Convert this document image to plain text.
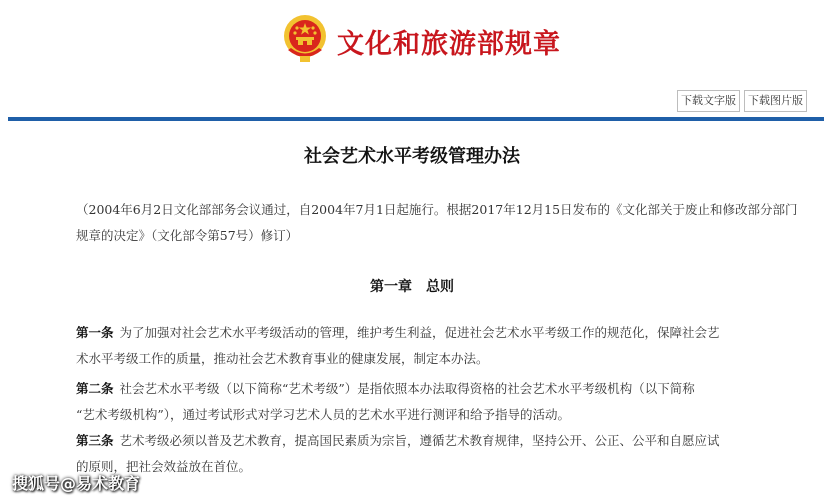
文化和旅游部规章
下载文字版	下载图片版
社会艺术水平考级管理办法
（2004年6月2日文化部部务会议通过，自2004年7月1日起施行。根据2017年12月15日发布的《文化部关于废止和修改部分部门
规章的决定》（文化部令第57号）修订）
第一章　总则
第一条 为了加强对社会艺术水平考级活动的管理，维护考生利益，促进社会艺术水平考级工作的规范化，保障社会艺
术水平考级工作的质量，推动社会艺术教育事业的健康发展，制定本办法。
第二条 社会艺术水平考级（以下简称“艺术考级”）是指依照本办法取得资格的社会艺术水平考级机构（以下简称
“艺术考级机构”），通过考试形式对学习艺术人员的艺术水平进行测评和给予指导的活动。
第三条 艺术考级必须以普及艺术教育，提高国民素质为宗旨，遵循艺术教育规律，坚持公开、公正、公平和自愿应试
的原则，把社会效益放在首位。
搜狐号@易术教育
